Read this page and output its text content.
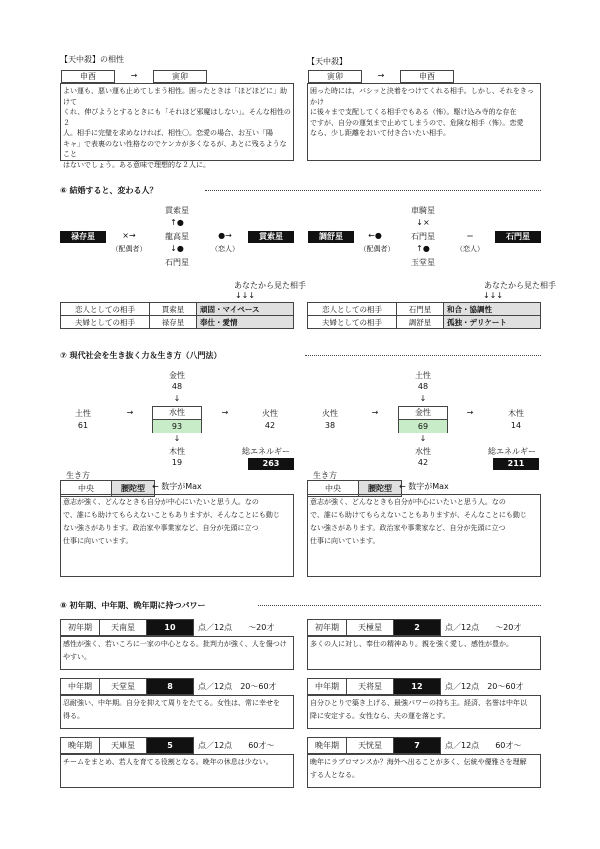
【天中殺】の相性
申酉	→	寅卯
よい運も、悪い運も止めてしまう相性。困ったときは「ほどほどに」助けて
くれ、伸びようとするときにも「それほど邪魔はしない」。そんな相性の２
人。相手に完璧を求めなければ、相性〇。恋愛の場合、お互い「陽
キャ」で表裏のない性格なのでケンカが多くなるが、あとに残るようなこと
はないでしょう。ある意味で理想的な２人に。
【天中殺】
寅卯	→	申酉
困った時には、バシッと決着をつけてくれる相手。しかし、それをきっかけ
に後々まで支配してくる相手でもある（怖）。駆け込み寺的な存在
ですが、自分の運気まで止めてしまうので、危険な相手（怖）。恋愛
なら、少し距離をおいて付き合いたい相手。
⑥ 結婚すると、変わる人？
禄存星	×→
（配偶者）
貫索星
↑●
龍高星
↓●
石門星
●→
（恋人）
貫索星
あなたから見た相手
↓↓↓
恋人としての相手	貫索星	頑固・マイペース
夫婦としての相手	禄存星	奉仕・愛情
調舒星	←●
（配偶者）
車騎星
↓×
石門星
↑●
玉堂星
＝
（恋人）
石門星
あなたから見た相手
↓↓↓
恋人としての相手	石門星	和合・協調性
夫婦としての相手	調舒星	孤独・デリケート
⑦ 現代社会を生き抜く力＆生き方（八門法）
金性
48
↓
土性
61
→	水性
93
→	火性
42
↓
木性
19
総エネルギー
263
生き方
中央	腰陀型 ← 数字がMax
意志が強く、どんなときも自分が中心にいたいと思う人。なの
で、誰にも助けてもらえないこともありますが、そんなことにも動じ
ない強さがあります。政治家や事業家など、自分が先頭に立つ
仕事に向いています。
土性
48
↓
火性
38
→	金性
69
→	木性
14
↓
水性
42
総エネルギー
211
生き方
中央	腰陀型 ← 数字がMax
意志が強く、どんなときも自分が中心にいたいと思う人。なの
で、誰にも助けてもらえないこともありますが、そんなことにも動じ
ない強さがあります。政治家や事業家など、自分が先頭に立つ
仕事に向いています。
⑧ 初年期、中年期、晩年期に持つパワー
初年期	天南星	10	点／12点　　 ～20才
感性が強く、若いころに一家の中心となる。批判力が強く、人を傷つけ
やすい。
初年期	天極星	2	点／12点　　 ～20才
多くの人に対し、奉仕の精神あり。親を強く愛し、感性が豊か。
中年期	天堂星	8	点／12点　 20～60才
忍耐強い、中年期。自分を抑えて周りをたてる。女性は、常に幸せを
得る。
中年期	天将星	12	点／12点　 20～60才
自分ひとりで築き上げる、最強パワーの持ち主。経済、名誉は中年以
降に安定する。女性なら、夫の運を落とす。
晩年期	天庫星	5	点／12点　　 60才～
チームをまとめ、若人を育てる役割となる。晩年の休息は少ない。
晩年期	天恍星	7	点／12点　　 60才～
晩年にラブロマンスか？海外へ出ることが多く、伝統や優雅さを理解
する人となる。
